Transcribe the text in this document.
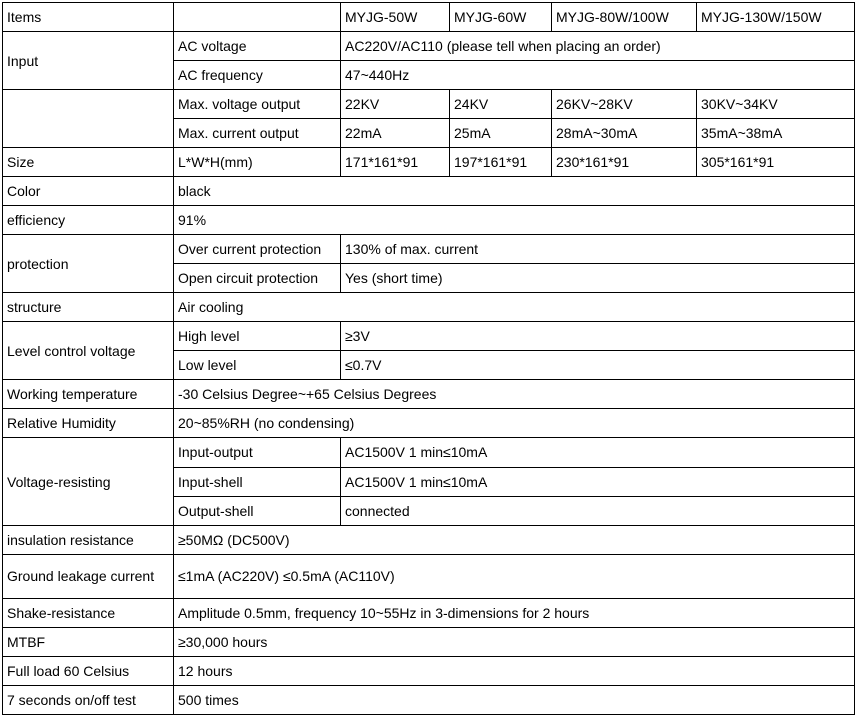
Items		MYJG-50W	MYJG-60W	MYJG-80W/100W	MYJG-130W/150W
Input	AC voltage	AC220V/AC110 (please tell when placing an order)			
	AC frequency	47~440Hz			
	Max. voltage output	22KV	24KV	26KV~28KV	30KV~34KV
	Max. current output	22mA	25mA	28mA~30mA	35mA~38mA
Size	L*W*H(mm)	171*161*91	197*161*91	230*161*91	305*161*91
Color	black				
efficiency	91%				
protection	Over current protection	130% of max. current			
	Open circuit protection	Yes (short time)			
structure	Air cooling				
Level control voltage	High level	≥3V			
	Low level	≤0.7V			
Working temperature	-30 Celsius Degree~+65 Celsius Degrees				
Relative Humidity	20~85%RH (no condensing)				
Voltage-resisting	Input-output	AC1500V 1 min≤10mA			
	Input-shell	AC1500V 1 min≤10mA			
	Output-shell	connected			
insulation resistance	≥50MΩ (DC500V)				
Ground leakage current	≤1mA (AC220V) ≤0.5mA (AC110V)				
Shake-resistance	Amplitude 0.5mm, frequency 10~55Hz in 3-dimensions for 2 hours				
MTBF	≥30,000 hours				
Full load 60 Celsius	12 hours				
7 seconds on/off test	500 times				
